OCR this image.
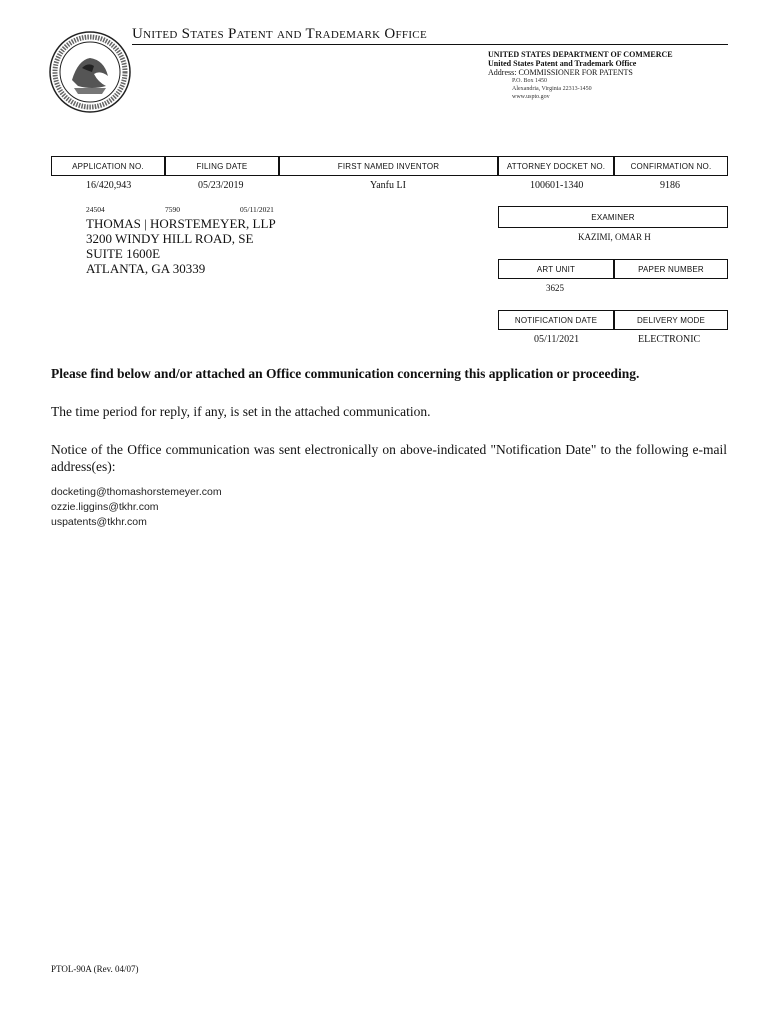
United States Patent and Trademark Office
UNITED STATES DEPARTMENT OF COMMERCE
United States Patent and Trademark Office
Address: COMMISSIONER FOR PATENTS
P.O. Box 1450
Alexandria, Virginia 22313-1450
www.uspto.gov
APPLICATION NO.	FILING DATE	FIRST NAMED INVENTOR	ATTORNEY DOCKET NO.	CONFIRMATION NO.
16/420,943	05/23/2019	Yanfu LI	100601-1340	9186
24504	7590	05/11/2021
THOMAS | HORSTEMEYER, LLP
3200 WINDY HILL ROAD, SE
SUITE 1600E
ATLANTA, GA 30339
EXAMINER
KAZIMI, OMAR H
ART UNIT	PAPER NUMBER
3625
NOTIFICATION DATE	DELIVERY MODE
05/11/2021	ELECTRONIC
Please find below and/or attached an Office communication concerning this application or proceeding.
The time period for reply, if any, is set in the attached communication.
Notice of the Office communication was sent electronically on above-indicated "Notification Date" to the following e-mail address(es):
docketing@thomashorstemeyer.com
ozzie.liggins@tkhr.com
uspatents@tkhr.com
PTOL-90A (Rev. 04/07)
